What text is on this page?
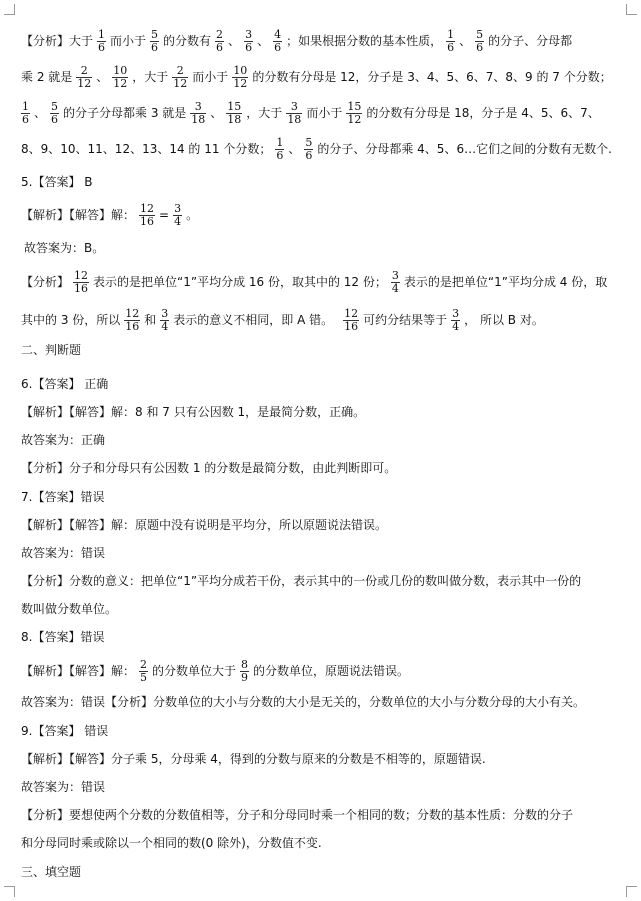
【分析】大于 $\frac{1}{6}$ 而小于 $\frac{5}{6}$ 的分数有 $\frac{2}{6}$ 、 $\frac{3}{6}$ 、 $\frac{4}{6}$ ；如果根据分数的基本性质， $\frac{1}{6}$ 、 $\frac{5}{6}$ 的分子、分母都
乘 2 就是 $\frac{2}{12}$ 、 $\frac{10}{12}$ ，大于 $\frac{2}{12}$ 而小于 $\frac{10}{12}$ 的分数有分母是 12，分子是 3、4、5、6、7、8、9 的 7 个分数；
$\frac{1}{6}$ 、 $\frac{5}{6}$ 的分子分母都乘 3 就是 $\frac{3}{18}$ 、 $\frac{15}{18}$ ，大于 $\frac{3}{18}$ 而小于 $\frac{15}{12}$ 的分数有分母是 18，分子是 4、5、6、7、
8、9、10、11、12、13、14 的 11 个分数； $\frac{1}{6}$ 、 $\frac{5}{6}$ 的分子、分母都乘 4、5、6…它们之间的分数有无数个.
5.【答案】 B
【解析】【解答】解： $\frac{12}{16} = \frac{3}{4}$ 。
故答案为：B。
【分析】 $\frac{12}{16}$ 表示的是把单位“1”平均分成 16 份，取其中的 12 份； $\frac{3}{4}$ 表示的是把单位“1”平均分成 4 份，取
其中的 3 份，所以 $\frac{12}{16}$ 和 $\frac{3}{4}$ 表示的意义不相同，即 A 错。 $\frac{12}{16}$ 可约分结果等于 $\frac{3}{4}$ ， 所以 B 对。
二、判断题
6.【答案】 正确
【解析】【解答】解：8 和 7 只有公因数 1，是最简分数，正确。
故答案为：正确
【分析】分子和分母只有公因数 1 的分数是最简分数，由此判断即可。
7.【答案】错误
【解析】【解答】解：原题中没有说明是平均分，所以原题说法错误。
故答案为：错误
【分析】分数的意义：把单位“1”平均分成若干份，表示其中的一份或几份的数叫做分数，表示其中一份的
数叫做分数单位。
8.【答案】错误
【解析】【解答】解： $\frac{2}{5}$ 的分数单位大于 $\frac{8}{9}$ 的分数单位，原题说法错误。
故答案为：错误【分析】分数单位的大小与分数的大小是无关的，分数单位的大小与分数分母的大小有关。
9.【答案】 错误
【解析】【解答】分子乘 5，分母乘 4，得到的分数与原来的分数是不相等的，原题错误.
故答案为：错误
【分析】要想使两个分数的分数值相等，分子和分母同时乘一个相同的数；分数的基本性质：分数的分子
和分母同时乘或除以一个相同的数(0 除外)，分数值不变.
三、填空题
